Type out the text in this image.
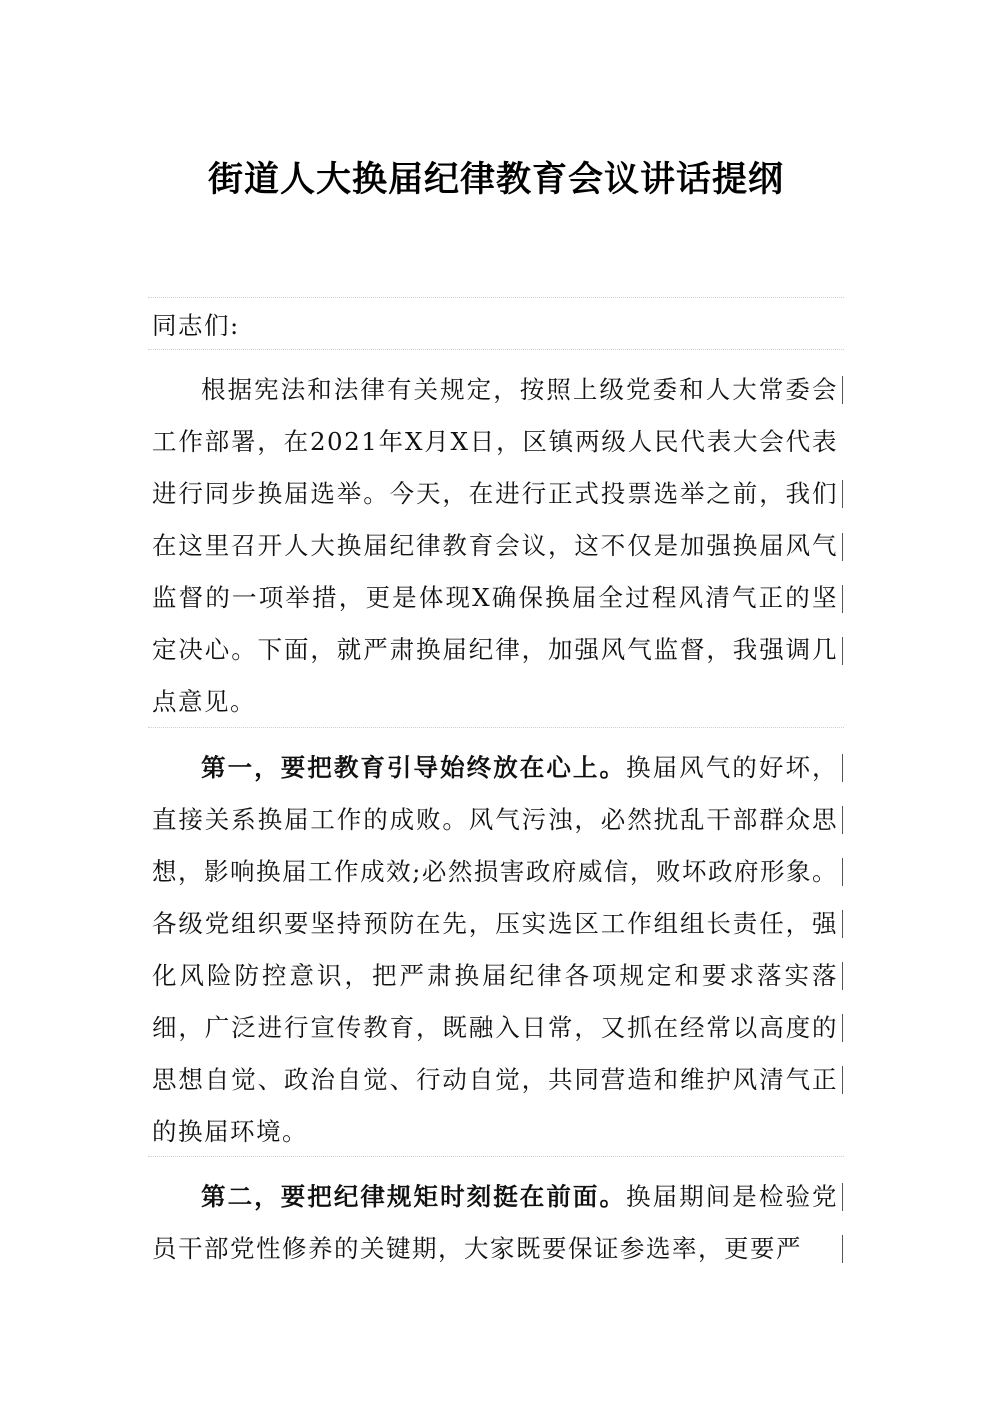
街道人大换届纪律教育会议讲话提纲

同志们:

根据宪法和法律有关规定，按照上级党委和人大常委会工作部署，在2021年X月X日，区镇两级人民代表大会代表进行同步换届选举。今天，在进行正式投票选举之前，我们在这里召开人大换届纪律教育会议，这不仅是加强换届风气监督的一项举措，更是体现X确保换届全过程风清气正的坚定决心。下面，就严肃换届纪律，加强风气监督，我强调几点意见。

第一，要把教育引导始终放在心上。换届风气的好坏，直接关系换届工作的成败。风气污浊，必然扰乱干部群众思想，影响换届工作成效;必然损害政府威信，败坏政府形象。各级党组织要坚持预防在先，压实选区工作组组长责任，强化风险防控意识，把严肃换届纪律各项规定和要求落实落细，广泛进行宣传教育，既融入日常，又抓在经常以高度的思想自觉、政治自觉、行动自觉，共同营造和维护风清气正的换届环境。

第二，要把纪律规矩时刻挺在前面。换届期间是检验党员干部党性修养的关键期，大家既要保证参选率，更要严
